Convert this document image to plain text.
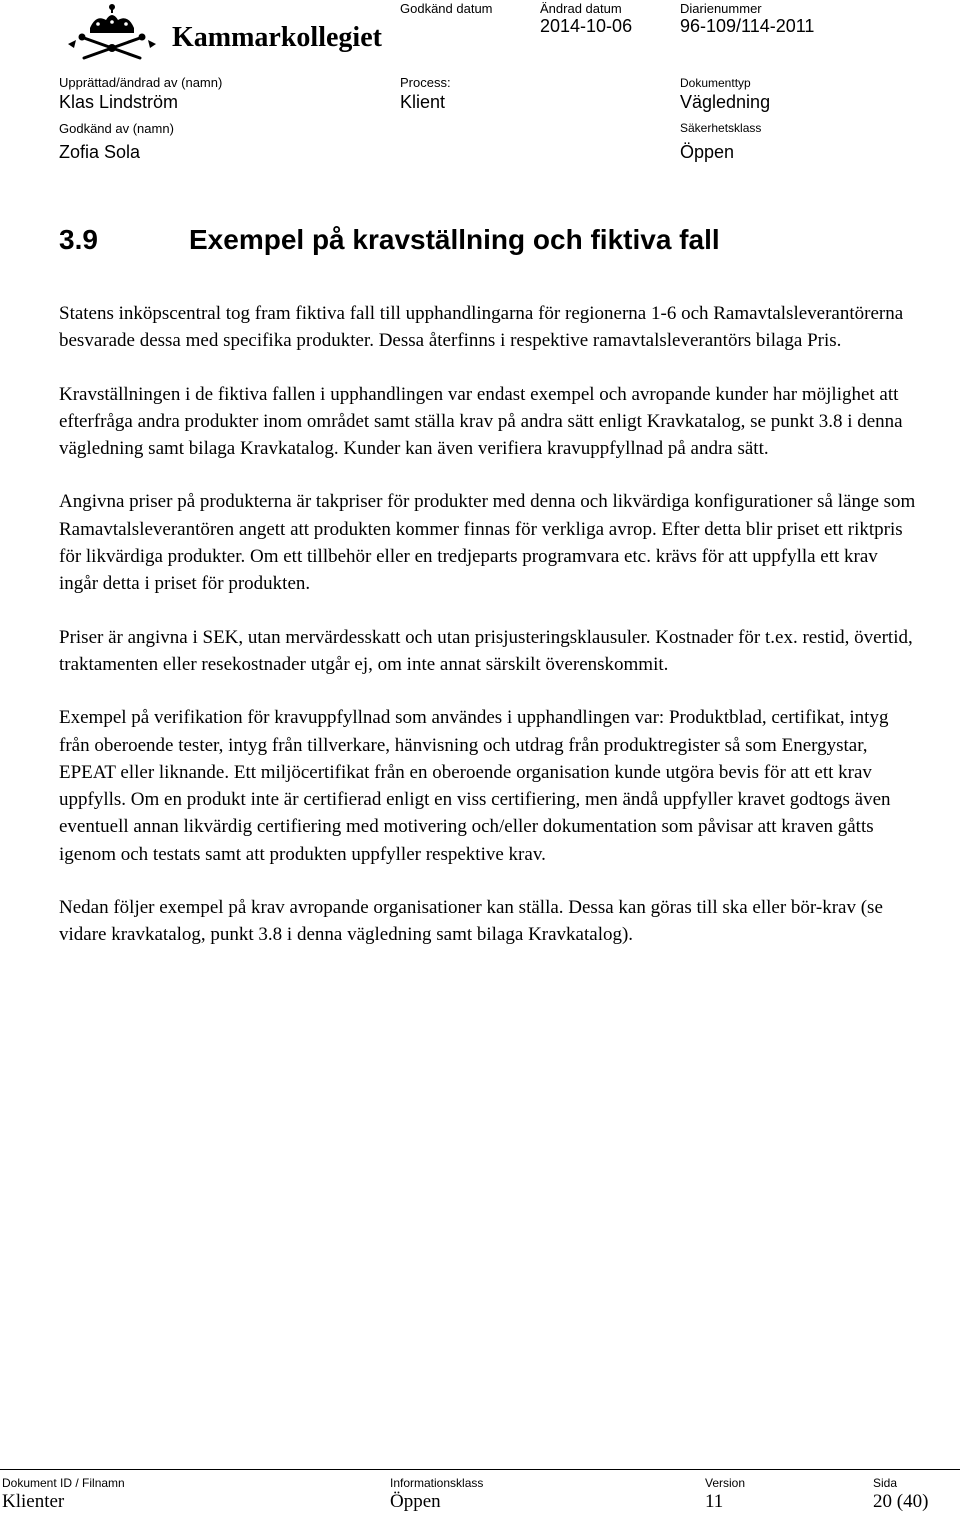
Kammarkollegiet
Godkänd datum	Ändrad datum
2014-10-06
Diarienummer
96-109/114-2011
Upprättad/ändrad av (namn)
Klas Lindström
Process:
Klient
Dokumenttyp
Vägledning
Godkänd av (namn)
Zofia Sola
Säkerhetsklass
Öppen
3.9	Exempel på kravställning och fiktiva fall

Statens inköpscentral tog fram fiktiva fall till upphandlingarna för regionerna 1-6 och Ramavtalsleverantörerna besvarade dessa med specifika produkter. Dessa återfinns i respektive ramavtalsleverantörs bilaga Pris.

Kravställningen i de fiktiva fallen i upphandlingen var endast exempel och avropande kunder har möjlighet att efterfråga andra produkter inom området samt ställa krav på andra sätt enligt Kravkatalog, se punkt 3.8 i denna vägledning samt bilaga Kravkatalog. Kunder kan även verifiera kravuppfyllnad på andra sätt.

Angivna priser på produkterna är takpriser för produkter med denna och likvärdiga konfigurationer så länge som Ramavtalsleverantören angett att produkten kommer finnas för verkliga avrop. Efter detta blir priset ett riktpris för likvärdiga produkter. Om ett tillbehör eller en tredjeparts programvara etc. krävs för att uppfylla ett krav ingår detta i priset för produkten.

Priser är angivna i SEK, utan mervärdesskatt och utan prisjusteringsklausuler. Kostnader för t.ex. restid, övertid, traktamenten eller resekostnader utgår ej, om inte annat särskilt överenskommit.

Exempel på verifikation för kravuppfyllnad som användes i upphandlingen var: Produktblad, certifikat, intyg från oberoende tester, intyg från tillverkare, hänvisning och utdrag från produktregister så som Energystar, EPEAT eller liknande. Ett miljöcertifikat från en oberoende organisation kunde utgöra bevis för att ett krav uppfylls. Om en produkt inte är certifierad enligt en viss certifiering, men ändå uppfyller kravet godtogs även eventuell annan likvärdig certifiering med motivering och/eller dokumentation som påvisar att kraven gåtts igenom och testats samt att produkten uppfyller respektive krav.

Nedan följer exempel på krav avropande organisationer kan ställa. Dessa kan göras till ska eller bör-krav (se vidare kravkatalog, punkt 3.8 i denna vägledning samt bilaga Kravkatalog).

Dokument ID / Filnamn
Klienter
Informationsklass
Öppen
Version
11
Sida
20 (40)
